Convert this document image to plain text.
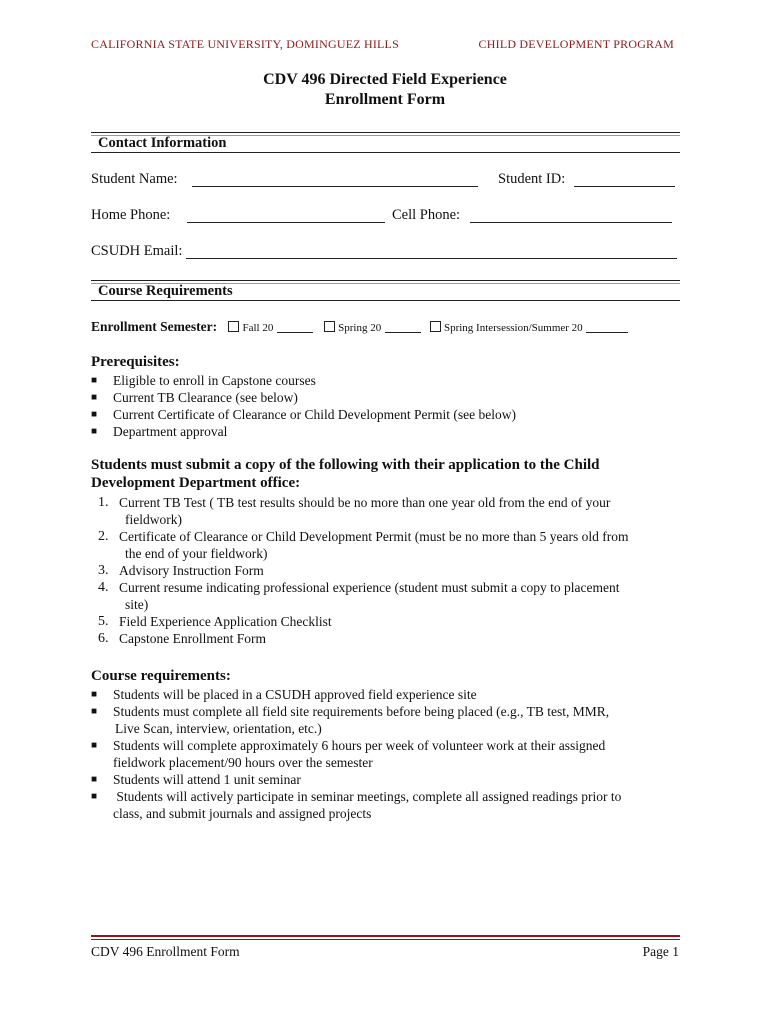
CALIFORNIA STATE UNIVERSITY, DOMINGUEZ HILLS	CHILD DEVELOPMENT PROGRAM
CDV 496 Directed Field Experience
Enrollment Form
Contact Information
Student Name:	Student ID:
Home Phone:	Cell Phone:
CSUDH Email:
Course Requirements
Enrollment Semester: Fall 20	Spring 20	Spring Intersession/Summer 20
Prerequisites:
■ Eligible to enroll in Capstone courses
■ Current TB Clearance (see below)
■ Current Certificate of Clearance or Child Development Permit (see below)
■ Department approval
Students must submit a copy of the following with their application to the Child
Development Department office:
1. Current TB Test ( TB test results should be no more than one year old from the end of your
fieldwork)
2. Certificate of Clearance or Child Development Permit (must be no more than 5 years old from
the end of your fieldwork)
3. Advisory Instruction Form
4. Current resume indicating professional experience (student must submit a copy to placement
site)
5. Field Experience Application Checklist
6. Capstone Enrollment Form
Course requirements:
■ Students will be placed in a CSUDH approved field experience site
■ Students must complete all field site requirements before being placed (e.g., TB test, MMR,
Live Scan, interview, orientation, etc.)
■ Students will complete approximately 6 hours per week of volunteer work at their assigned
fieldwork placement/90 hours over the semester
■ Students will attend 1 unit seminar
■ Students will actively participate in seminar meetings, complete all assigned readings prior to
class, and submit journals and assigned projects
CDV 496 Enrollment Form	Page 1
